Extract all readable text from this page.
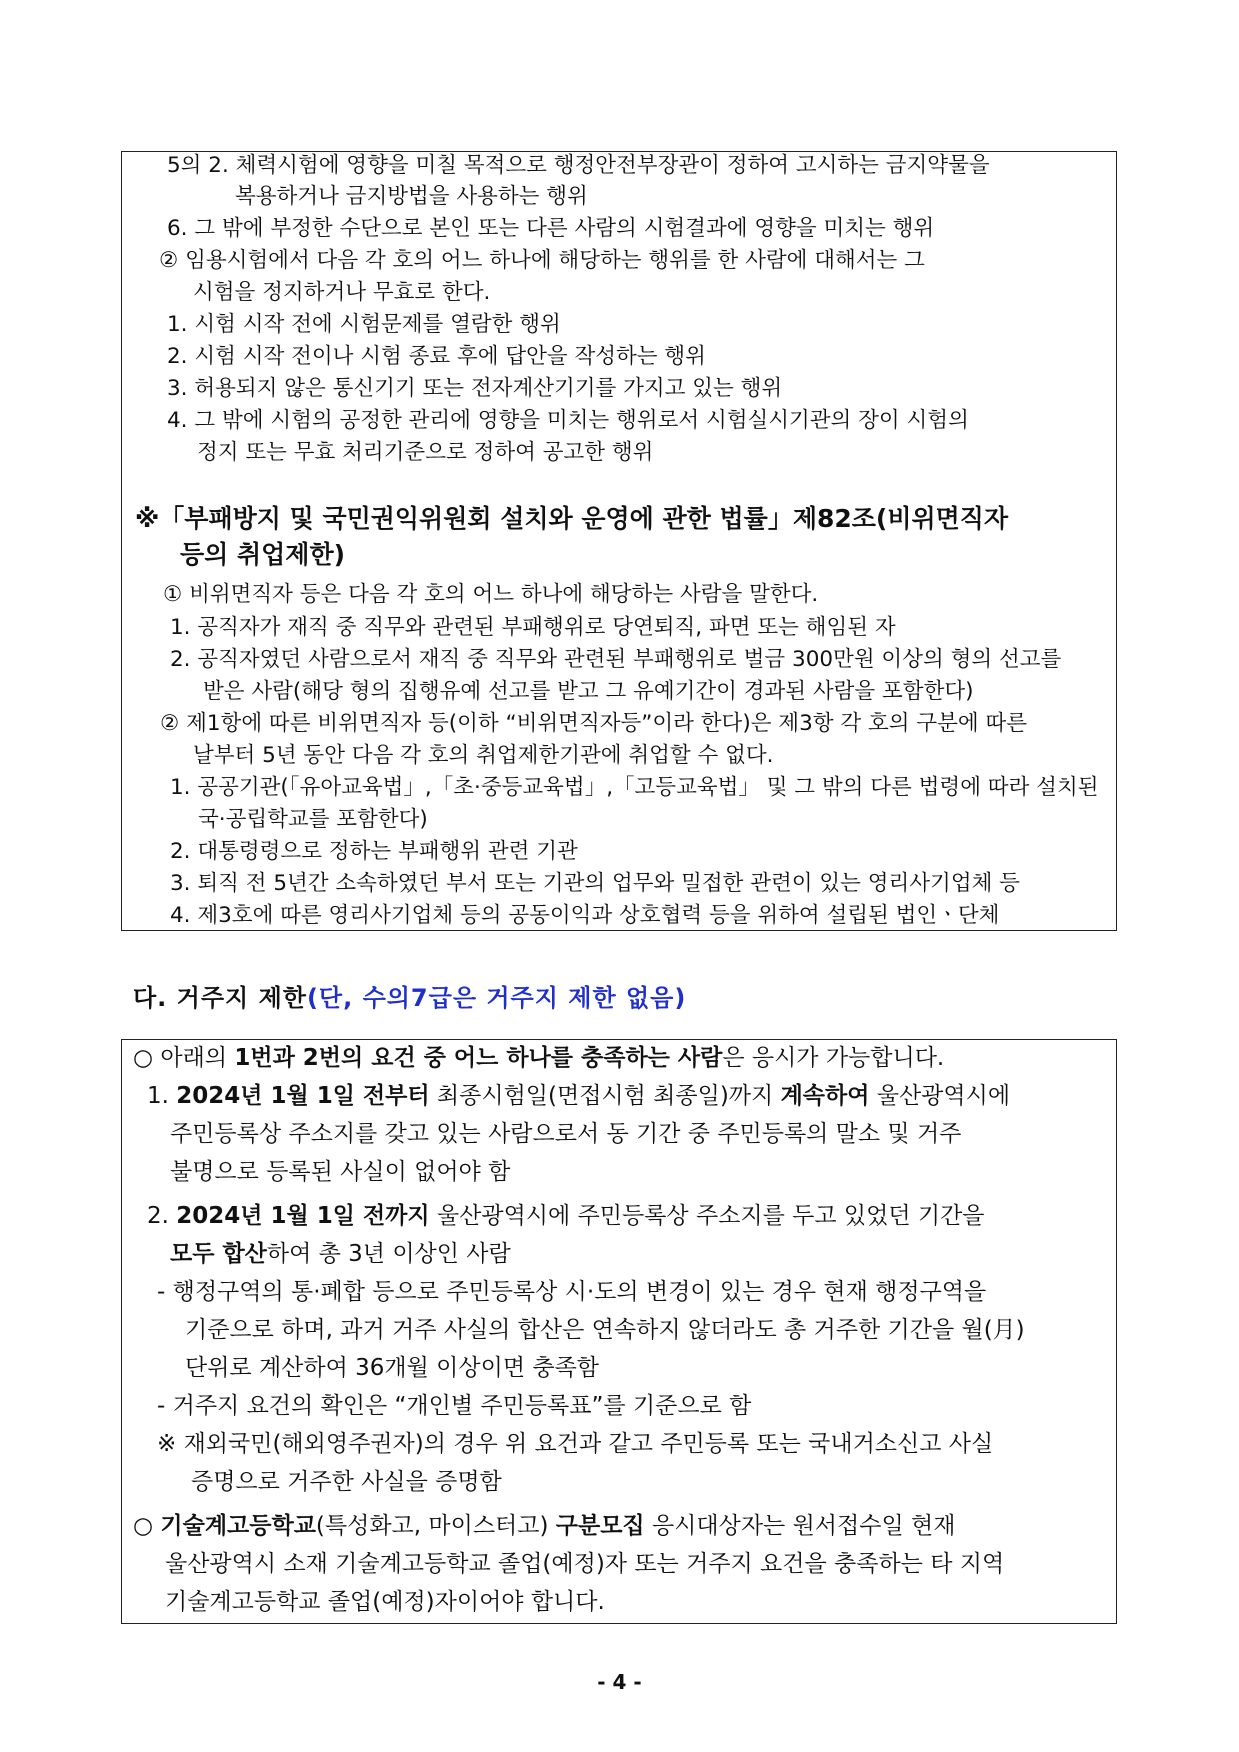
5의 2. 체력시험에 영향을 미칠 목적으로 행정안전부장관이 정하여 고시하는 금지약물을
복용하거나 금지방법을 사용하는 행위
6. 그 밖에 부정한 수단으로 본인 또는 다른 사람의 시험결과에 영향을 미치는 행위
② 임용시험에서 다음 각 호의 어느 하나에 해당하는 행위를 한 사람에 대해서는 그
시험을 정지하거나 무효로 한다.
1. 시험 시작 전에 시험문제를 열람한 행위
2. 시험 시작 전이나 시험 종료 후에 답안을 작성하는 행위
3. 허용되지 않은 통신기기 또는 전자계산기기를 가지고 있는 행위
4. 그 밖에 시험의 공정한 관리에 영향을 미치는 행위로서 시험실시기관의 장이 시험의
정지 또는 무효 처리기준으로 정하여 공고한 행위
※「부패방지 및 국민권익위원회 설치와 운영에 관한 법률」제82조(비위면직자
등의 취업제한)
① 비위면직자 등은 다음 각 호의 어느 하나에 해당하는 사람을 말한다.
1. 공직자가 재직 중 직무와 관련된 부패행위로 당연퇴직, 파면 또는 해임된 자
2. 공직자였던 사람으로서 재직 중 직무와 관련된 부패행위로 벌금 300만원 이상의 형의 선고를
받은 사람(해당 형의 집행유예 선고를 받고 그 유예기간이 경과된 사람을 포함한다)
② 제1항에 따른 비위면직자 등(이하 “비위면직자등”이라 한다)은 제3항 각 호의 구분에 따른
날부터 5년 동안 다음 각 호의 취업제한기관에 취업할 수 없다.
1. 공공기관(「유아교육법」,「초·중등교육법」,「고등교육법」 및 그 밖의 다른 법령에 따라 설치된
국·공립학교를 포함한다)
2. 대통령령으로 정하는 부패행위 관련 기관
3. 퇴직 전 5년간 소속하였던 부서 또는 기관의 업무와 밀접한 관련이 있는 영리사기업체 등
4. 제3호에 따른 영리사기업체 등의 공동이익과 상호협력 등을 위하여 설립된 법인ㆍ단체
다. 거주지 제한(단, 수의7급은 거주지 제한 없음)
○ 아래의 1번과 2번의 요건 중 어느 하나를 충족하는 사람은 응시가 가능합니다.
1. 2024년 1월 1일 전부터 최종시험일(면접시험 최종일)까지 계속하여 울산광역시에
주민등록상 주소지를 갖고 있는 사람으로서 동 기간 중 주민등록의 말소 및 거주
불명으로 등록된 사실이 없어야 함
2. 2024년 1월 1일 전까지 울산광역시에 주민등록상 주소지를 두고 있었던 기간을
모두 합산하여 총 3년 이상인 사람
- 행정구역의 통·폐합 등으로 주민등록상 시·도의 변경이 있는 경우 현재 행정구역을
기준으로 하며, 과거 거주 사실의 합산은 연속하지 않더라도 총 거주한 기간을 월(月)
단위로 계산하여 36개월 이상이면 충족함
- 거주지 요건의 확인은 “개인별 주민등록표”를 기준으로 함
※ 재외국민(해외영주권자)의 경우 위 요건과 같고 주민등록 또는 국내거소신고 사실
증명으로 거주한 사실을 증명함
○ 기술계고등학교(특성화고, 마이스터고) 구분모집 응시대상자는 원서접수일 현재
울산광역시 소재 기술계고등학교 졸업(예정)자 또는 거주지 요건을 충족하는 타 지역
기술계고등학교 졸업(예정)자이어야 합니다.
- 4 -
